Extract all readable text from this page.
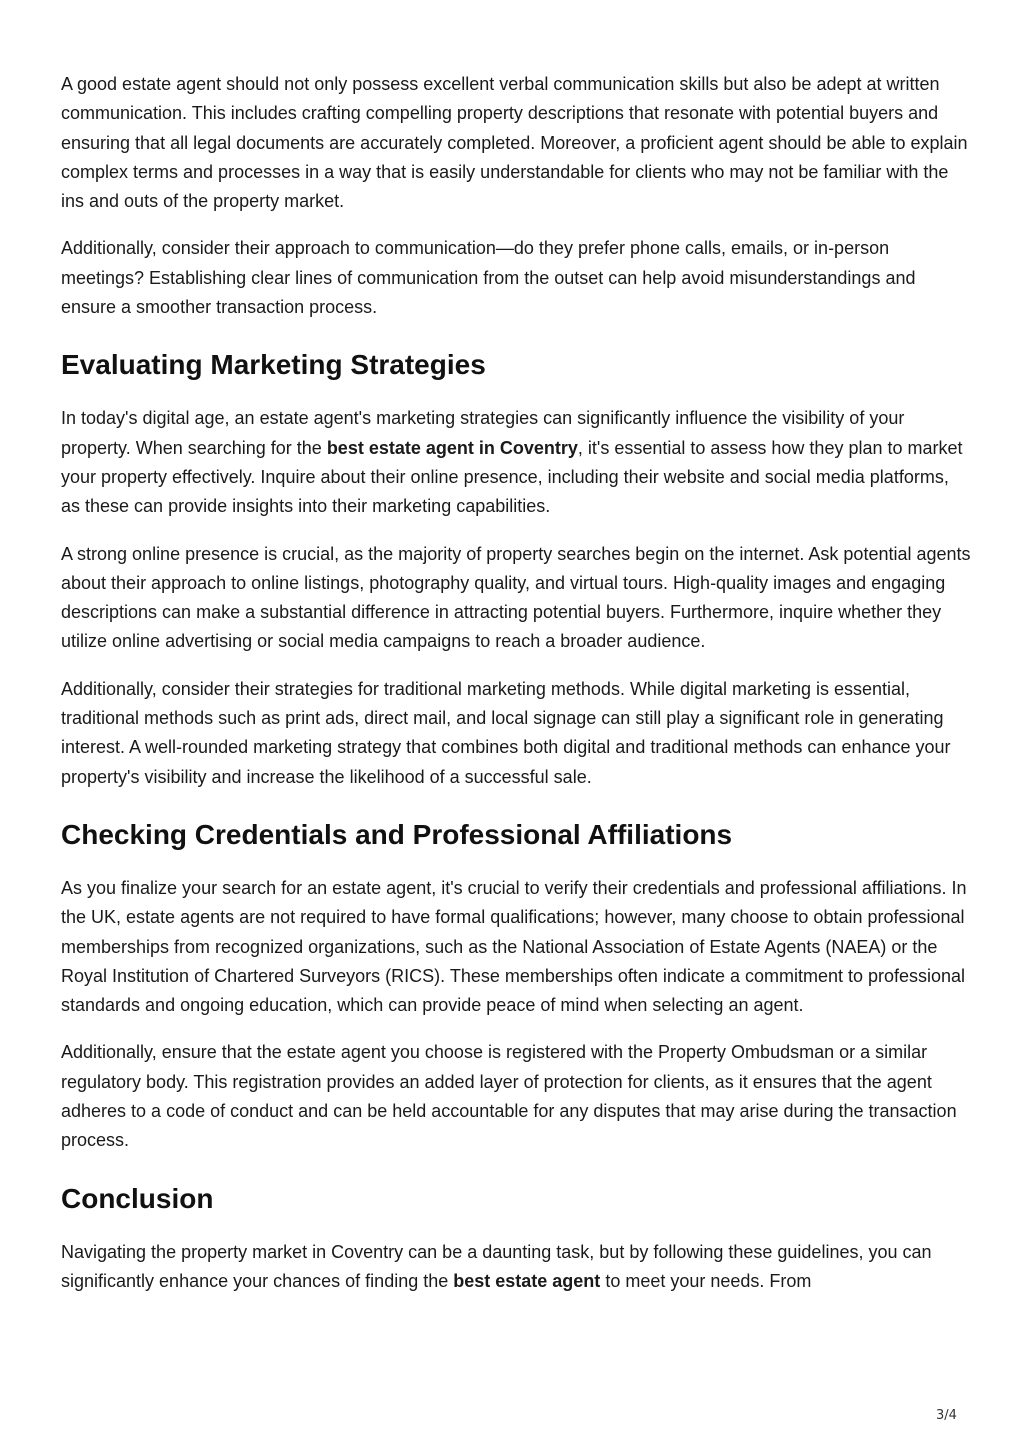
A good estate agent should not only possess excellent verbal communication skills but also be adept at written communication. This includes crafting compelling property descriptions that resonate with potential buyers and ensuring that all legal documents are accurately completed. Moreover, a proficient agent should be able to explain complex terms and processes in a way that is easily understandable for clients who may not be familiar with the ins and outs of the property market.

Additionally, consider their approach to communication—do they prefer phone calls, emails, or in-person meetings? Establishing clear lines of communication from the outset can help avoid misunderstandings and ensure a smoother transaction process.

Evaluating Marketing Strategies

In today's digital age, an estate agent's marketing strategies can significantly influence the visibility of your property. When searching for the best estate agent in Coventry, it's essential to assess how they plan to market your property effectively. Inquire about their online presence, including their website and social media platforms, as these can provide insights into their marketing capabilities.

A strong online presence is crucial, as the majority of property searches begin on the internet. Ask potential agents about their approach to online listings, photography quality, and virtual tours. High-quality images and engaging descriptions can make a substantial difference in attracting potential buyers. Furthermore, inquire whether they utilize online advertising or social media campaigns to reach a broader audience.

Additionally, consider their strategies for traditional marketing methods. While digital marketing is essential, traditional methods such as print ads, direct mail, and local signage can still play a significant role in generating interest. A well-rounded marketing strategy that combines both digital and traditional methods can enhance your property's visibility and increase the likelihood of a successful sale.

Checking Credentials and Professional Affiliations

As you finalize your search for an estate agent, it's crucial to verify their credentials and professional affiliations. In the UK, estate agents are not required to have formal qualifications; however, many choose to obtain professional memberships from recognized organizations, such as the National Association of Estate Agents (NAEA) or the Royal Institution of Chartered Surveyors (RICS). These memberships often indicate a commitment to professional standards and ongoing education, which can provide peace of mind when selecting an agent.

Additionally, ensure that the estate agent you choose is registered with the Property Ombudsman or a similar regulatory body. This registration provides an added layer of protection for clients, as it ensures that the agent adheres to a code of conduct and can be held accountable for any disputes that may arise during the transaction process.

Conclusion

Navigating the property market in Coventry can be a daunting task, but by following these guidelines, you can significantly enhance your chances of finding the best estate agent to meet your needs. From

3/4
